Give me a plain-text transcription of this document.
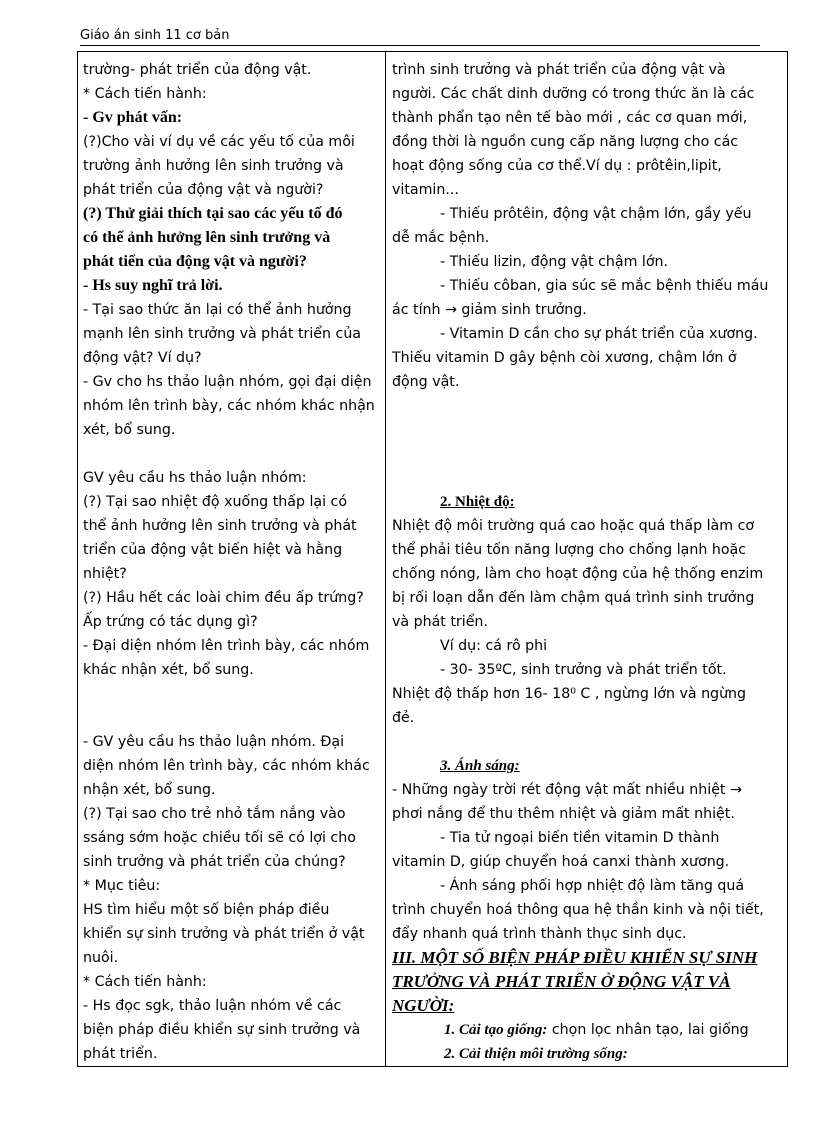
Giáo án sinh 11 cơ bản
trường- phát triển của động vật.
* Cách tiến hành:
- Gv phát vấn:
(?)Cho vài ví dụ về các yếu tố của môi
trường ảnh hưởng lên sinh trưởng và
phát triển của động vật và người?
(?) Thử giải thích tại sao các yếu tố đó
có thể ảnh hưởng lên sinh trưởng và
phát tiển của động vật và người?
- Hs suy nghĩ trả lời.
- Tại sao thức ăn lại có thể ảnh hưởng
mạnh lên sinh trưởng và phát triển của
động vật? Ví dụ?
- Gv cho hs thảo luận nhóm, gọi đại diện
nhóm lên trình bày, các nhóm khác nhận
xét, bổ sung.
GV yêu cầu hs thảo luận nhóm:
(?) Tại sao nhiệt độ xuống thấp lại có
thể ảnh hưởng lên sinh trưởng và phát
triển của động vật biến hiệt và hằng
nhiệt?
(?) Hầu hết các loài chim đều ấp trứng?
Ấp trứng có tác dụng gì?
- Đại diện nhóm lên trình bày, các nhóm
khác nhận xét, bổ sung.
- GV yêu cầu hs thảo luận nhóm. Đại
diện nhóm lên trình bày, các nhóm khác
nhận xét, bổ sung.
(?) Tại sao cho trẻ nhỏ tắm nắng vào
ssáng sớm hoặc chiều tối sẽ có lợi cho
sinh trưởng và phát triển của chúng?
* Mục tiêu:
HS tìm hiểu một số biện pháp điều
khiển sự sinh trưởng và phát triển ở vật
nuôi.
* Cách tiến hành:
- Hs đọc sgk, thảo luận nhóm về các
biện pháp điều khiển sự sinh trưởng và
phát triển.
trình sinh trưởng và phát triển của động vật và
người. Các chất dinh dưỡng có trong thức ăn là các
thành phẩn tạo nên tế bào mới , các cơ quan mới,
đồng thời là nguồn cung cấp năng lượng cho các
hoạt động sống của cơ thể.Ví dụ : prôtêin,lipit,
vitamin...
- Thiếu prôtêin, động vật chậm lớn, gầy yếu
dễ mắc bệnh.
- Thiếu lizin, động vật chậm lớn.
- Thiếu côban, gia súc sẽ mắc bệnh thiếu máu
ác tính → giảm sinh trưởng.
- Vitamin D cần cho sự phát triển của xương.
Thiếu vitamin D gây bệnh còi xương, chậm lớn ở
động vật.
2. Nhiệt độ:
Nhiệt độ môi trường quá cao hoặc quá thấp làm cơ
thể phải tiêu tốn năng lượng cho chống lạnh hoặc
chống nóng, làm cho hoạt động của hệ thống enzim
bị rối loạn dẫn đến làm chậm quá trình sinh trưởng
và phát triển.
Ví dụ: cá rô phi
- 30- 35ºC, sinh trưởng và phát triển tốt.
Nhiệt độ thấp hơn 16- 18⁰ C , ngừng lớn và ngừng
đẻ.
3. Ánh sáng:
- Những ngày trời rét động vật mất nhiều nhiệt →
phơi nắng để thu thêm nhiệt và giảm mất nhiệt.
- Tia tử ngoại biến tiền vitamin D thành
vitamin D, giúp chuyển hoá canxi thành xương.
- Ánh sáng phối hợp nhiệt độ làm tăng quá
trình chuyển hoá thông qua hệ thần kinh và nội tiết,
đẩy nhanh quá trình thành thục sinh dục.
III. MỘT SỐ BIỆN PHÁP ĐIỀU KHIỂN SỰ SINH
TRƯỞNG VÀ PHÁT TRIỂN Ở ĐỘNG VẬT VÀ
NGƯỜI:
1. Cải tạo giống: chọn lọc nhân tạo, lai giống
2. Cải thiện môi trường sống:
